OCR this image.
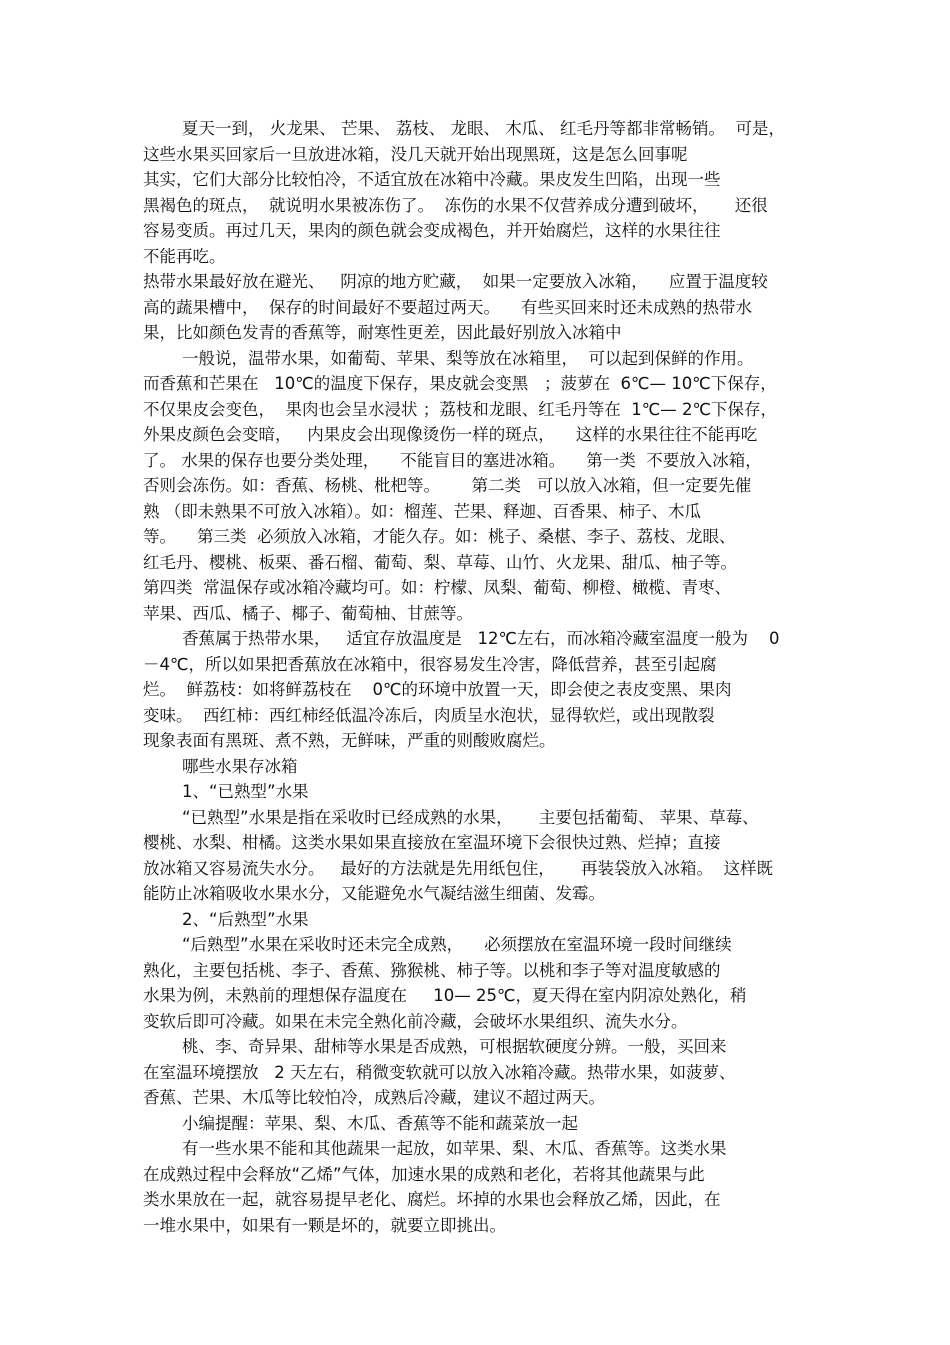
夏天一到， 火龙果、 芒果、 荔枝、 龙眼、 木瓜、 红毛丹等都非常畅销。  可是，
这些水果买回家后一旦放进冰箱，没几天就开始出现黑斑，这是怎么回事呢
其实，它们大部分比较怕冷，不适宜放在冰箱中冷藏。果皮发生凹陷，出现一些
黑褐色的斑点，  就说明水果被冻伤了。  冻伤的水果不仅营养成分遭到破坏，     还很
容易变质。再过几天，果肉的颜色就会变成褐色，并开始腐烂，这样的水果往往
不能再吃。
热带水果最好放在避光、   阴凉的地方贮藏，  如果一定要放入冰箱，    应置于温度较
高的蔬果槽中，  保存的时间最好不要超过两天。    有些买回来时还未成熟的热带水
果，比如颜色发青的香蕉等，耐寒性更差，因此最好别放入冰箱中
一般说，温带水果，如葡萄、苹果、梨等放在冰箱里，  可以起到保鲜的作用。
而香蕉和芒果在   10℃的温度下保存，果皮就会变黑   ；菠萝在  6℃— 10℃下保存，
不仅果皮会变色，  果肉也会呈水浸状 ；荔枝和龙眼、红毛丹等在  1℃— 2℃下保存，
外果皮颜色会变暗，   内果皮会出现像烫伤一样的斑点，    这样的水果往往不能再吃
了。 水果的保存也要分类处理，    不能盲目的塞进冰箱。    第一类  不要放入冰箱，
否则会冻伤。如：香蕉、杨桃、枇杷等。      第二类   可以放入冰箱，但一定要先催
熟 （即未熟果不可放入冰箱）。如：榴莲、芒果、释迦、百香果、柿子、木瓜
等。    第三类  必须放入冰箱，才能久存。如：桃子、桑椹、李子、荔枝、龙眼、
红毛丹、樱桃、板栗、番石榴、葡萄、梨、草莓、山竹、火龙果、甜瓜、柚子等。
第四类  常温保存或冰箱冷藏均可。如：柠檬、凤梨、葡萄、柳橙、橄榄、青枣、
苹果、西瓜、橘子、椰子、葡萄柚、甘蔗等。
香蕉属于热带水果，   适宜存放温度是   12℃左右，而冰箱冷藏室温度一般为    0
－4℃，所以如果把香蕉放在冰箱中，很容易发生冷害，降低营养，甚至引起腐
烂。  鲜荔枝：如将鲜荔枝在    0℃的环境中放置一天，即会使之表皮变黑、果肉
变味。  西红柿：西红柿经低温冷冻后，肉质呈水泡状，显得软烂，或出现散裂
现象表面有黑斑、煮不熟，无鲜味，严重的则酸败腐烂。
哪些水果存冰箱
1、“已熟型”水果
“已熟型”水果是指在采收时已经成熟的水果，     主要包括葡萄、 苹果、草莓、
樱桃、水梨、柑橘。这类水果如果直接放在室温环境下会很快过熟、烂掉；直接
放冰箱又容易流失水分。   最好的方法就是先用纸包住，     再装袋放入冰箱。  这样既
能防止冰箱吸收水果水分，又能避免水气凝结滋生细菌、发霉。
2、“后熟型”水果
“后熟型”水果在采收时还未完全成熟，    必须摆放在室温环境一段时间继续
熟化，主要包括桃、李子、香蕉、猕猴桃、柿子等。以桃和李子等对温度敏感的
水果为例，未熟前的理想保存温度在     10— 25℃，夏天得在室内阴凉处熟化，稍
变软后即可冷藏。如果在未完全熟化前冷藏，会破坏水果组织、流失水分。
桃、李、奇异果、甜柿等水果是否成熟，可根据软硬度分辨。一般，买回来
在室温环境摆放   2 天左右，稍微变软就可以放入冰箱冷藏。热带水果，如菠萝、
香蕉、芒果、木瓜等比较怕冷，成熟后冷藏，建议不超过两天。
小编提醒：苹果、梨、木瓜、香蕉等不能和蔬菜放一起
有一些水果不能和其他蔬果一起放，如苹果、梨、木瓜、香蕉等。这类水果
在成熟过程中会释放“乙烯”气体，加速水果的成熟和老化，若将其他蔬果与此
类水果放在一起，就容易提早老化、腐烂。坏掉的水果也会释放乙烯，因此，在
一堆水果中，如果有一颗是坏的，就要立即挑出。
